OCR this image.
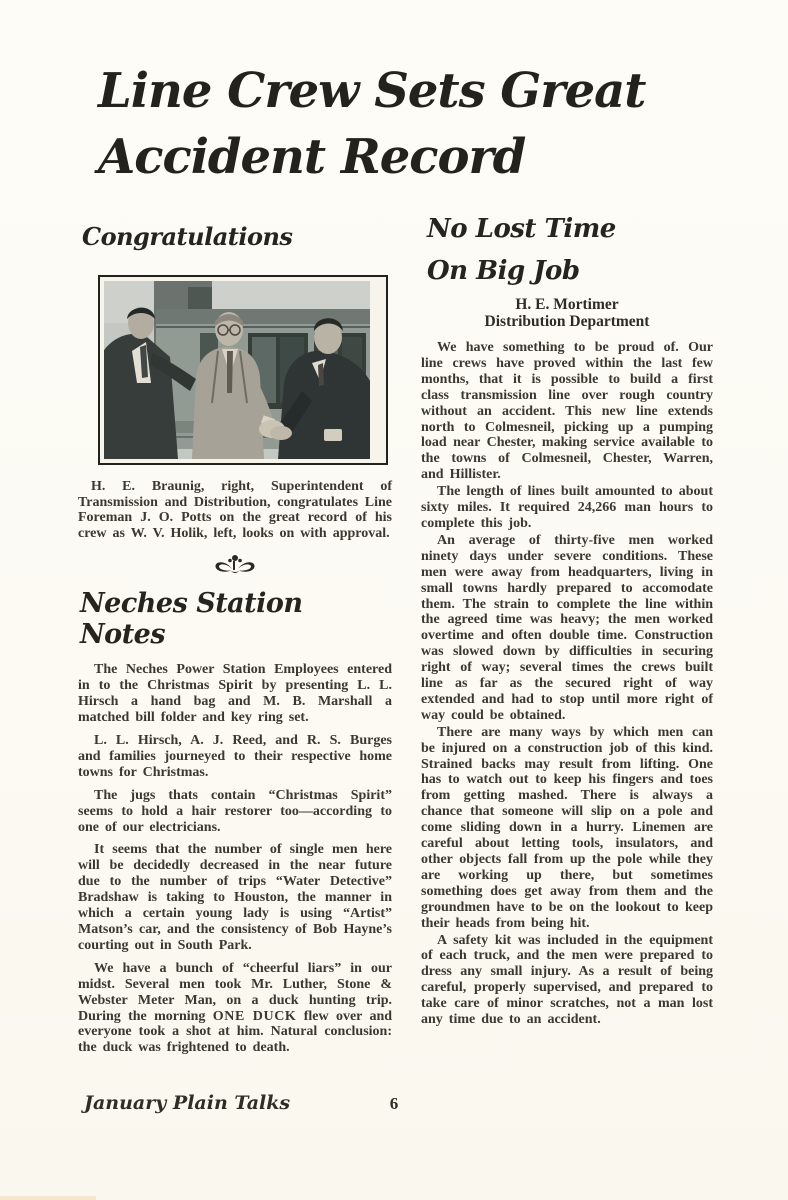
Line Crew Sets Great
Accident Record
Congratulations

H. E. Braunig, right, Superintendent of Transmission and Distribution, congratulates Line Foreman J. O. Potts on the great record of his crew as W. V. Holik, left, looks on with approval.

Neches Station Notes

The Neches Power Station Employees entered in to the Christmas Spirit by presenting L. L. Hirsch a hand bag and M. B. Marshall a matched bill folder and key ring set.

L. L. Hirsch, A. J. Reed, and R. S. Burges and families journeyed to their respective home towns for Christmas.

The jugs thats contain “Christmas Spirit” seems to hold a hair restorer too—according to one of our electricians.

It seems that the number of single men here will be decidedly decreased in the near future due to the number of trips “Water Detective” Bradshaw is taking to Houston, the manner in which a certain young lady is using “Artist” Matson’s car, and the consistency of Bob Hayne’s courting out in South Park.

We have a bunch of “cheerful liars” in our midst. Several men took Mr. Luther, Stone & Webster Meter Man, on a duck hunting trip. During the morning ONE DUCK flew over and everyone took a shot at him. Natural conclusion: the duck was frightened to death.

No Lost Time
On Big Job
H. E. Mortimer
Distribution Department

We have something to be proud of. Our line crews have proved within the last few months, that it is possible to build a first class transmission line over rough country without an accident. This new line extends north to Colmesneil, picking up a pumping load near Chester, making service available to the towns of Colmesneil, Chester, Warren, and Hillister.

The length of lines built amounted to about sixty miles. It required 24,266 man hours to complete this job.

An average of thirty-five men worked ninety days under severe conditions. These men were away from headquarters, living in small towns hardly prepared to accomodate them. The strain to complete the line within the agreed time was heavy; the men worked overtime and often double time. Construction was slowed down by difficulties in securing right of way; several times the crews built line as far as the secured right of way extended and had to stop until more right of way could be obtained.

There are many ways by which men can be injured on a construction job of this kind. Strained backs may result from lifting. One has to watch out to keep his fingers and toes from getting mashed. There is always a chance that someone will slip on a pole and come sliding down in a hurry. Linemen are careful about letting tools, insulators, and other objects fall from up the pole while they are working up there, but sometimes something does get away from them and the groundmen have to be on the lookout to keep their heads from being hit.

A safety kit was included in the equipment of each truck, and the men were prepared to dress any small injury. As a result of being careful, properly supervised, and prepared to take care of minor scratches, not a man lost any time due to an accident.

January Plain Talks	6
